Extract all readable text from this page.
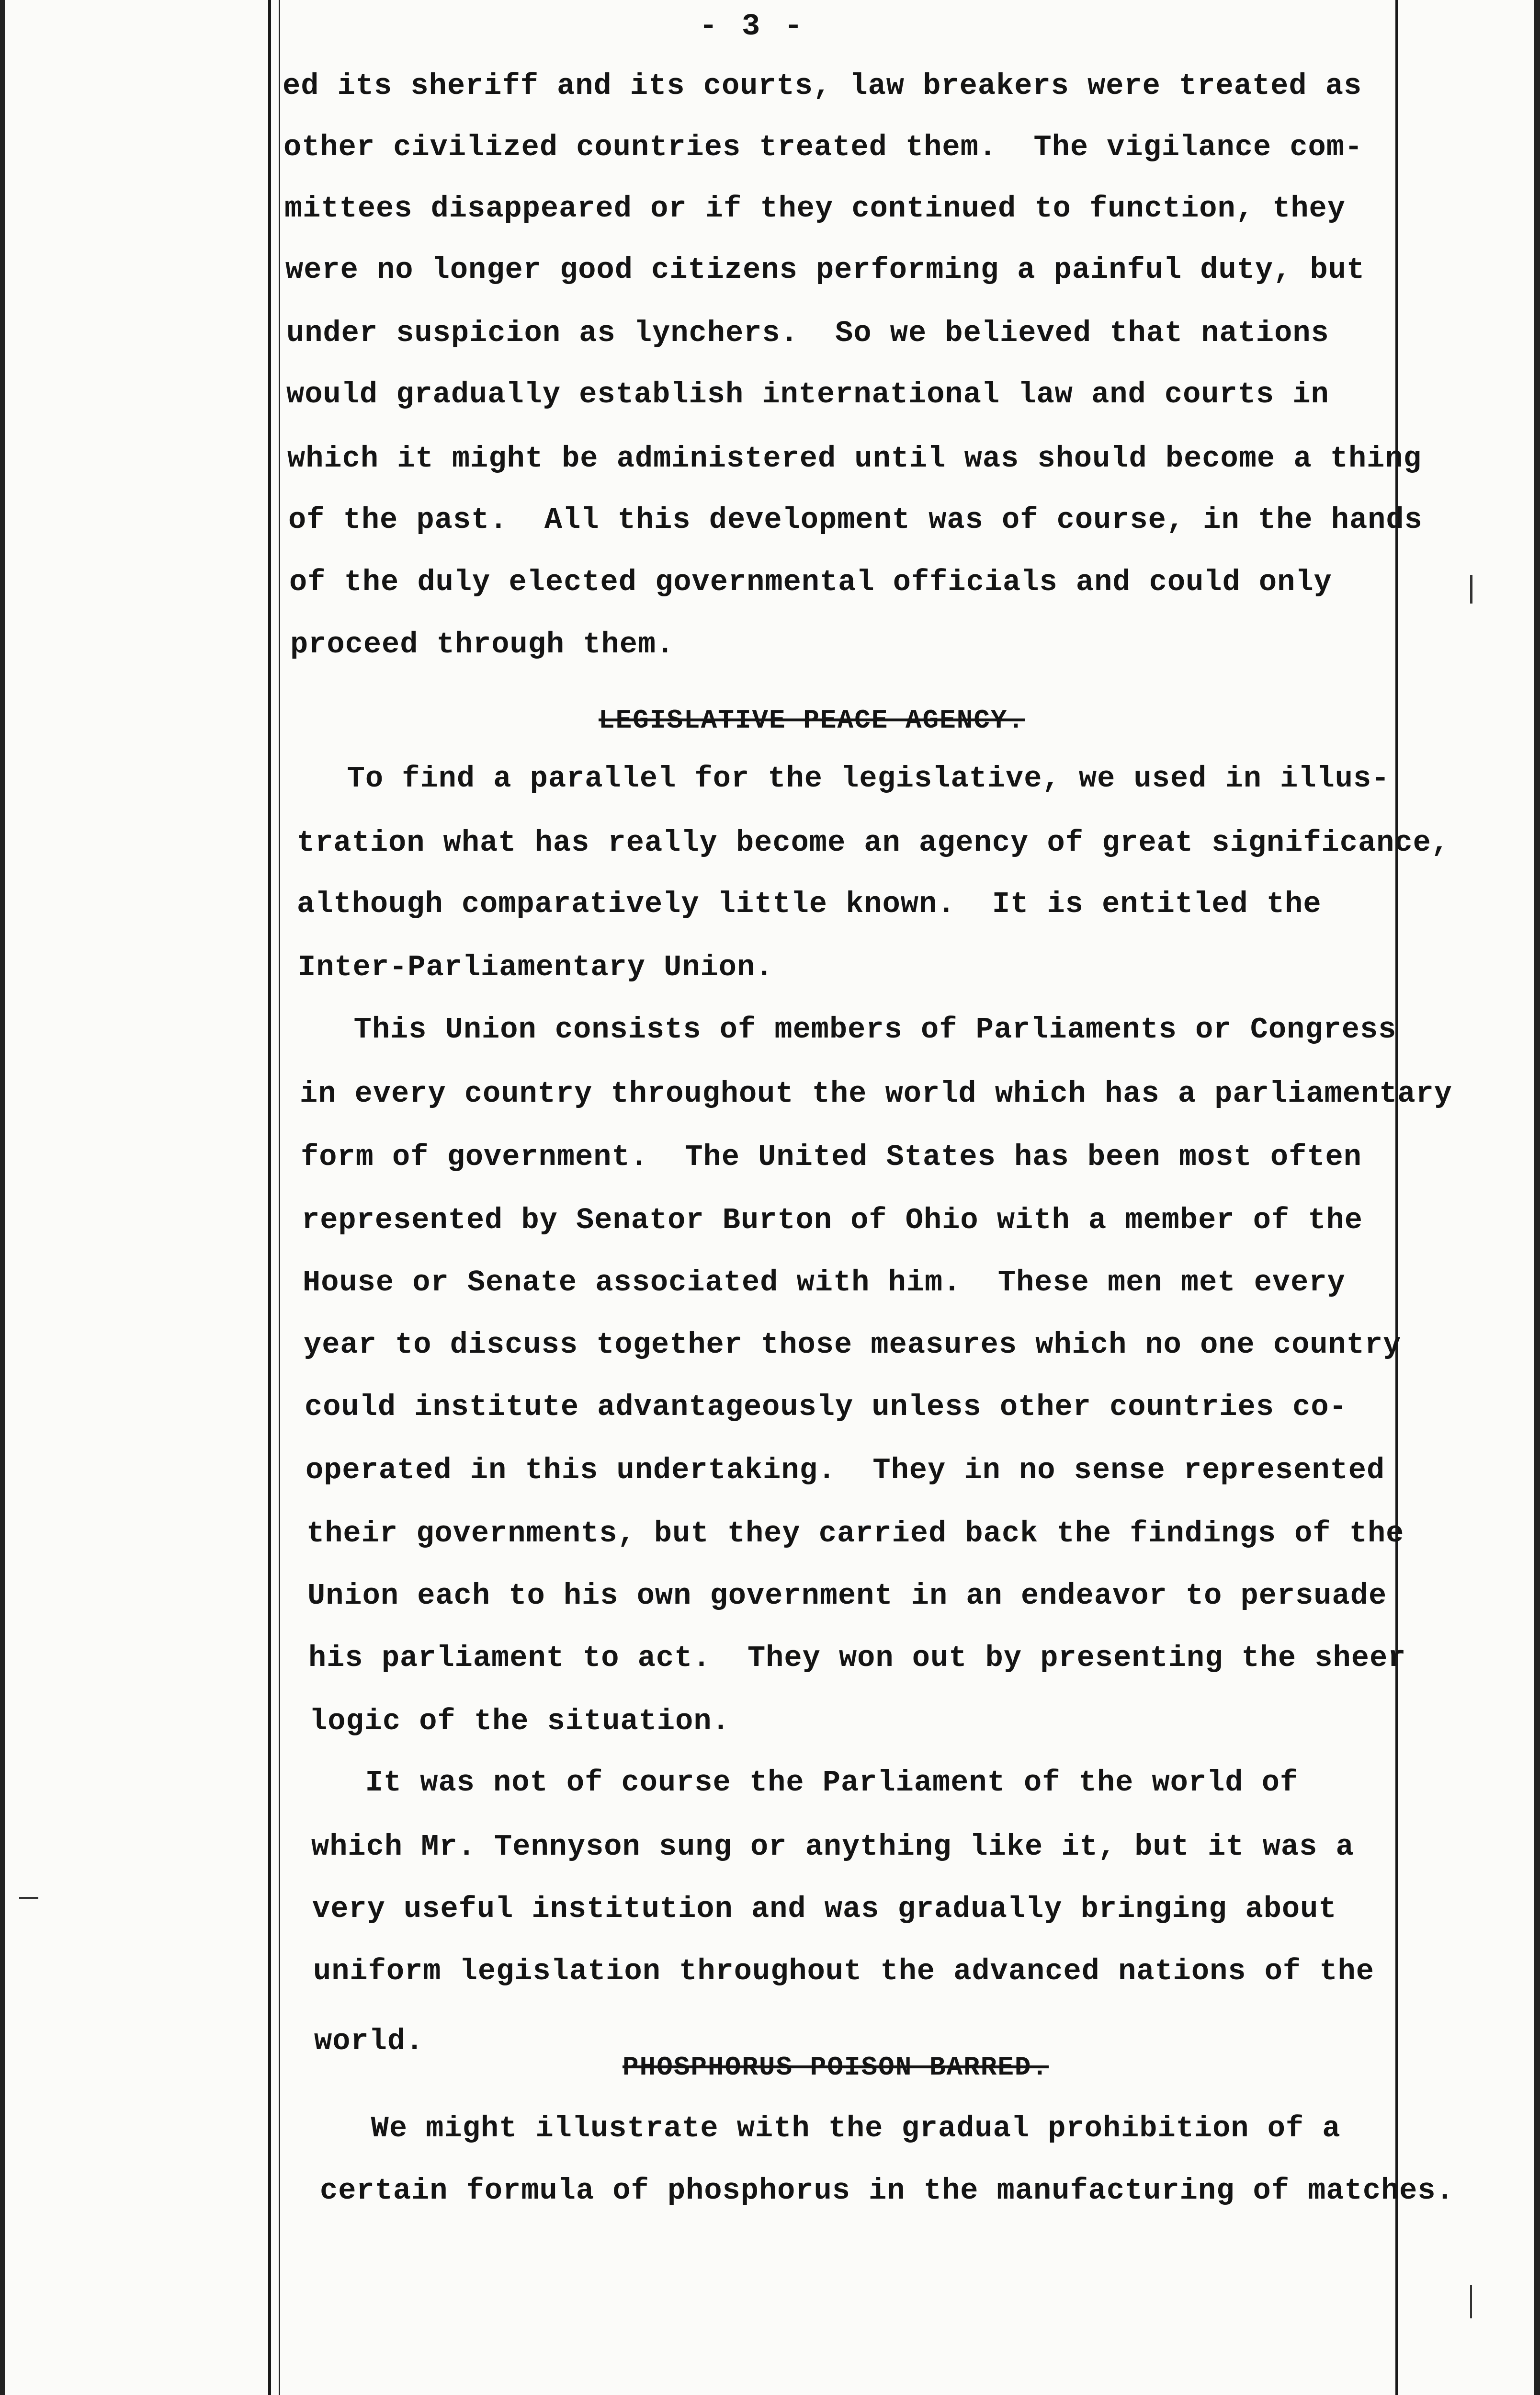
- 3 -
ed its sheriff and its courts, law breakers were treated as
other civilized countries treated them.  The vigilance com-
mittees disappeared or if they continued to function, they
were no longer good citizens performing a painful duty, but
under suspicion as lynchers.  So we believed that nations
would gradually establish international law and courts in
which it might be administered until was should become a thing
of the past.  All this development was of course, in the hands
of the duly elected governmental officials and could only
proceed through them.
LEGISLATIVE PEACE AGENCY.
To find a parallel for the legislative, we used in illus-
tration what has really become an agency of great significance,
although comparatively little known.  It is entitled the
Inter-Parliamentary Union.
This Union consists of members of Parliaments or Congress
in every country throughout the world which has a parliamentary
form of government.  The United States has been most often
represented by Senator Burton of Ohio with a member of the
House or Senate associated with him.  These men met every
year to discuss together those measures which no one country
could institute advantageously unless other countries co-
operated in this undertaking.  They in no sense represented
their governments, but they carried back the findings of the
Union each to his own government in an endeavor to persuade
his parliament to act.  They won out by presenting the sheer
logic of the situation.
It was not of course the Parliament of the world of
which Mr. Tennyson sung or anything like it, but it was a
very useful institution and was gradually bringing about
uniform legislation throughout the advanced nations of the
world.
PHOSPHORUS POISON BARRED.
We might illustrate with the gradual prohibition of a
certain formula of phosphorus in the manufacturing of matches.
